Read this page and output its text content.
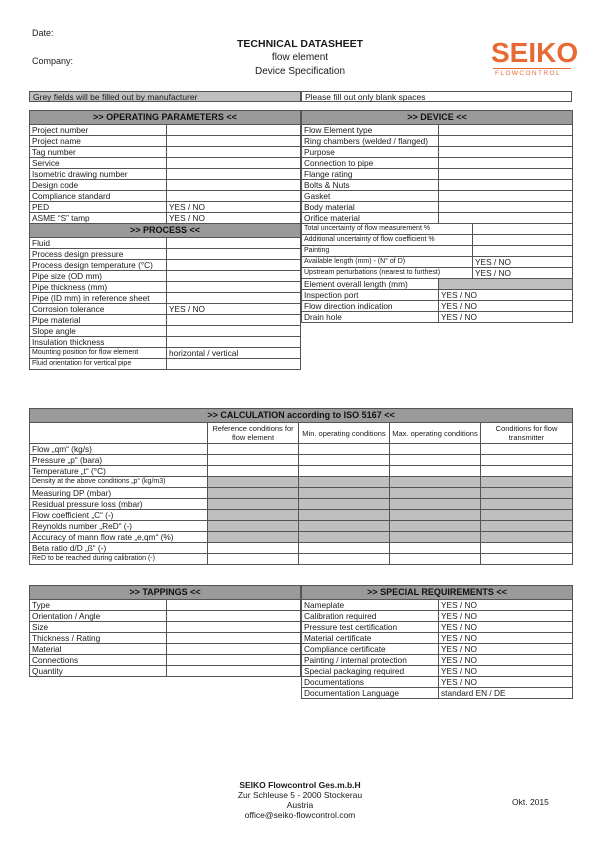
Date:
Company:
TECHNICAL DATASHEET
flow element
Device Specification
SEIKO
FLOWCONTROL
Grey fields will be filled out by manufacturer	Please fill out only blank spaces
>> OPERATING PARAMETERS <<	
Project number	
Project name	
Tag number	
Service	
Isometric drawing number	
Design code	
Compliance standard	
PED	YES / NO
ASME “S” tamp	YES / NO
>> PROCESS <<	
Fluid	
Process design pressure	
Process design temperature (°C)	
Pipe size (OD mm)	
Pipe thickness (mm)	
Pipe (ID mm) in reference sheet	
Corrosion tolerance	YES / NO
Pipe material	
Slope angle	
Insulation thickness	
Mounting position for flow element	horizontal / vertical
Fluid orientation for vertical pipe	
>> DEVICE <<		
Flow Element type		
Ring chambers (welded / flanged)		
Purpose		
Connection to pipe		
Flange rating		
Bolts & Nuts		
Gasket		
Body material		
Orifice material		
Total uncertainty of flow measurement %		
Additional uncertainty of flow coefficient %		
Painting		
Available length (mm) - (N° of D)		YES / NO
Upstream perturbations (nearest to furthest)		YES / NO
Element overall length (mm)		
Inspection port	YES / NO	
Flow direction indication	YES / NO	
Drain hole	YES / NO	
>> CALCULATION according to ISO 5167 <<				
	Reference conditions for flow element	Min. operating conditions	Max. operating conditions	Conditions for flow transmitter
Flow „qm“ (kg/s)				
Pressure „p“ (bara)				
Temperature „t“ (°C)				
Density at the above conditions „p“ (kg/m3)				
Measuring DP (mbar)				
Residual pressure loss (mbar)				
Flow coefficient „C“ (-)				
Reynolds number „ReD“ (-)				
Accuracy of mann flow rate „e,qm“ (%)				
Beta ratio d/D „ß“ (-)				
ReD to be reached during calibration (-)				
>> TAPPINGS <<	
Type	
Orientation / Angle	
Size	
Thickness / Rating	
Material	
Connections	
Quantity	
>> SPECIAL REQUIREMENTS <<	
Nameplate	YES / NO
Calibration required	YES / NO
Pressure test certification	YES / NO
Material certificate	YES / NO
Compliance certificate	YES / NO
Painting / internal protection	YES / NO
Special packaging required	YES / NO
Documentations	YES / NO
Documentation Language	standard EN / DE
SEIKO Flowcontrol Ges.m.b.H
Zur Schleuse 5 - 2000 Stockerau
Austria
office@seiko-flowcontrol.com
Okt. 2015
